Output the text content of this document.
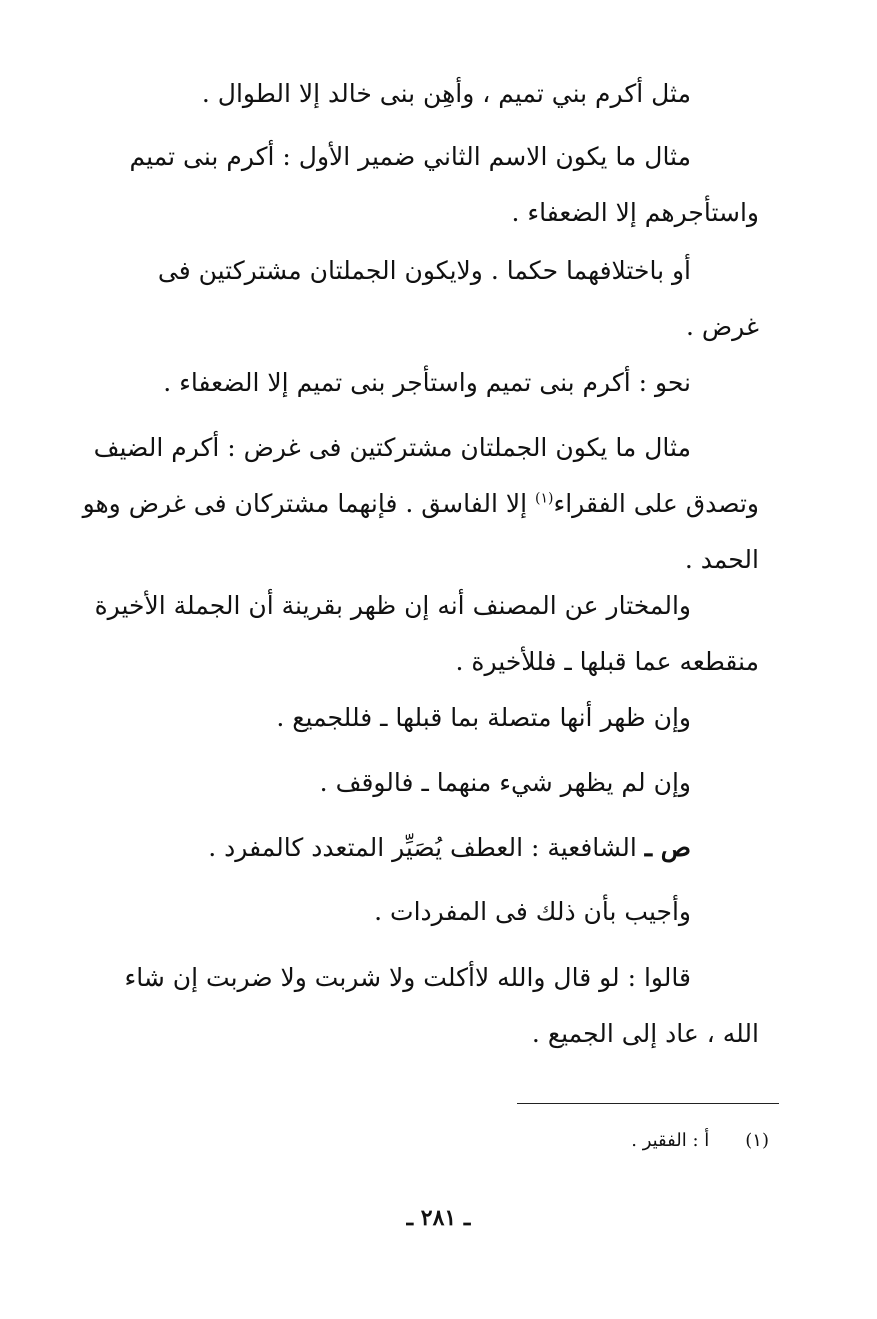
مثل أكرم بني تميم ، وأهِن بنى خالد إلا الطوال .
مثال ما يكون الاسم الثاني ضمير الأول : أكرم بنى تميم
واستأجرهم إلا الضعفاء .
أو باختلافهما حكما . ولايكون الجملتان مشتركتين فى
غرض .
نحو : أكرم بنى تميم واستأجر بنى تميم إلا الضعفاء .
مثال ما يكون الجملتان مشتركتين فى غرض : أكرم الضيف
وتصدق على الفقراء$^{(١)}$ إلا الفاسق . فإنهما مشتركان فى غرض وهو
الحمد .
والمختار عن المصنف أنه إن ظهر بقرينة أن الجملة الأخيرة
منقطعه عما قبلها ـ فللأخيرة .
وإن ظهر أنها متصلة بما قبلها ـ فللجميع .
وإن لم يظهر شيء منهما ـ فالوقف .
ص ـ الشافعية : العطف يُصَيِّر المتعدد كالمفرد .
وأجيب بأن ذلك فى المفردات .
قالوا : لو قال والله لاأكلت ولا شربت ولا ضربت إن شاء
الله ، عاد إلى الجميع .
(١)أ : الفقير .
ـ ٢٨١ ـ
